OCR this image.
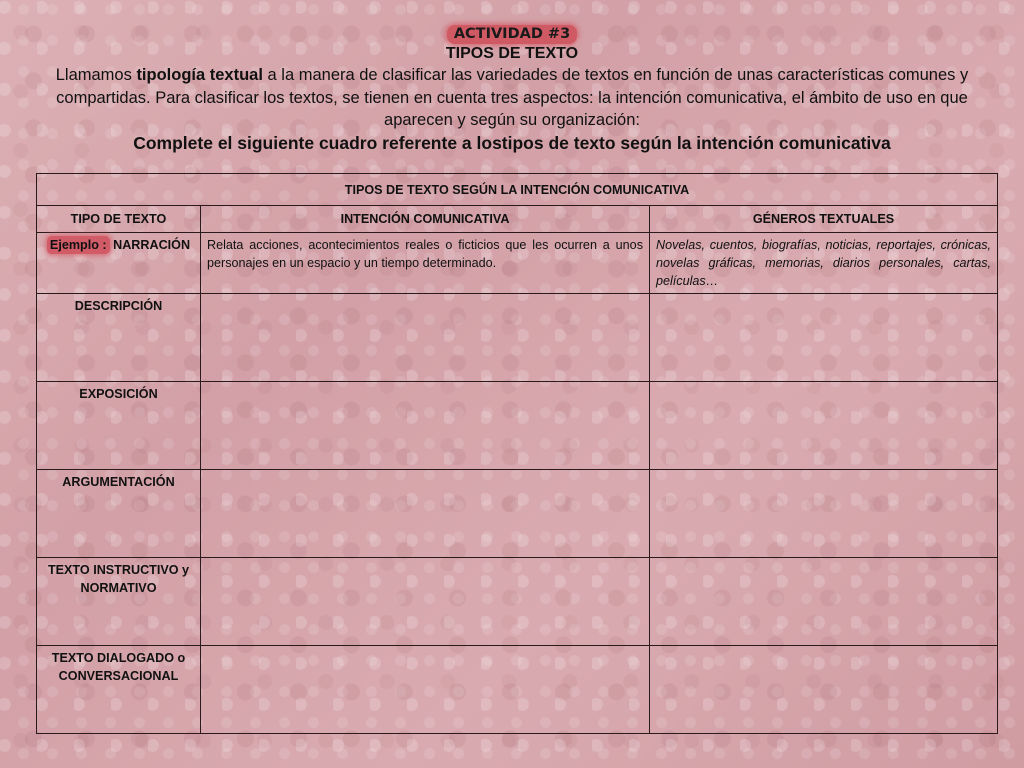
ACTIVIDAD #3
TIPOS DE TEXTO

Llamamos tipología textual a la manera de clasificar las variedades de textos en función de unas características comunes y compartidas. Para clasificar los textos, se tienen en cuenta tres aspectos: la intención comunicativa, el ámbito de uso en que aparecen y según su organización:

Complete el siguiente cuadro referente a lostipos de texto según la intención comunicativa
TIPOS DE TEXTO SEGÚN LA INTENCIÓN COMUNICATIVA		
TIPO DE TEXTO	INTENCIÓN COMUNICATIVA	GÉNEROS TEXTUALES
Ejemplo : NARRACIÓN	Relata acciones, acontecimientos reales o ficticios que les ocurren a unos personajes en un espacio y un tiempo determinado.	Novelas, cuentos, biografías, noticias, reportajes, crónicas, novelas gráficas, memorias, diarios personales, cartas, películas…
DESCRIPCIÓN		
EXPOSICIÓN		
ARGUMENTACIÓN		
TEXTO INSTRUCTIVO y NORMATIVO		
TEXTO DIALOGADO o CONVERSACIONAL		
